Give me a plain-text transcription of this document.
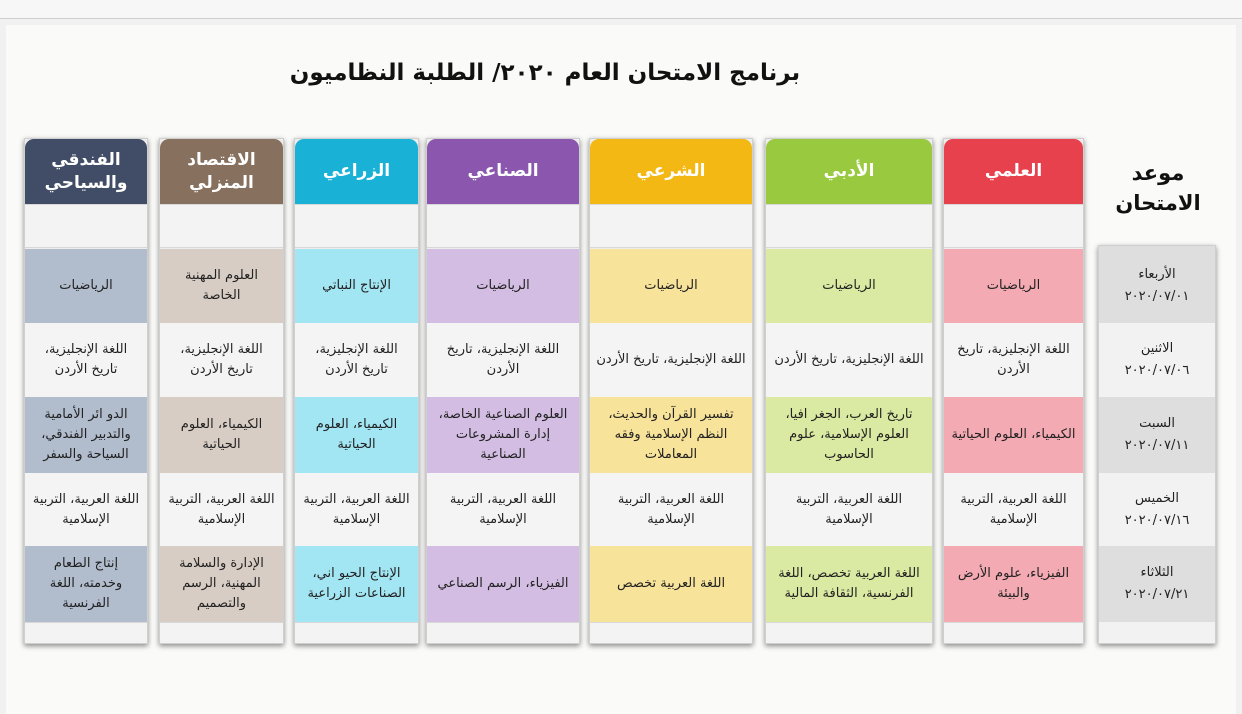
برنامج الامتحان العام ٢٠٢٠/ الطلبة النظاميون
العلمي
الرياضيات
اللغة الإنجليزية، تاريخ الأردن
الكيمياء، العلوم الحياتية
اللغة العربية، التربية الإسلامية
الفيزياء، علوم الأرض والبيئة
الأدبي
الرياضيات
اللغة الإنجليزية، تاريخ الأردن
تاريخ العرب، الجغر افيا، العلوم الإسلامية، علوم الحاسوب
اللغة العربية، التربية الإسلامية
اللغة العربية تخصص، اللغة الفرنسية، الثقافة المالية
الشرعي
الرياضيات
اللغة الإنجليزية، تاريخ الأردن
تفسير القرآن والحديث، النظم الإسلامية وفقه المعاملات
اللغة العربية، التربية الإسلامية
اللغة العربية تخصص
الصناعي
الرياضيات
اللغة الإنجليزية، تاريخ الأردن
العلوم الصناعية الخاصة، إدارة المشروعات الصناعية
اللغة العربية، التربية الإسلامية
الفيزياء، الرسم الصناعي
الزراعي
الإنتاج النباتي
اللغة الإنجليزية، تاريخ الأردن
الكيمياء، العلوم الحياتية
اللغة العربية، التربية الإسلامية
الإنتاج الحيو اني، الصناعات الزراعية
الاقتصاد المنزلي
العلوم المهنية الخاصة
اللغة الإنجليزية، تاريخ الأردن
الكيمياء، العلوم الحياتية
اللغة العربية، التربية الإسلامية
الإدارة والسلامة المهنية، الرسم والتصميم
الفندقي والسياحي
الرياضيات
اللغة الإنجليزية، تاريخ الأردن
الدو ائر الأمامية والتدبير الفندقي، السياحة والسفر
اللغة العربية، التربية الإسلامية
إنتاج الطعام وخدمته، اللغة الفرنسية
موعد الامتحان
الأربعاء
٢٠٢٠/٠٧/٠١
الاثنين
٢٠٢٠/٠٧/٠٦
السبت
٢٠٢٠/٠٧/١١
الخميس
٢٠٢٠/٠٧/١٦
الثلاثاء
٢٠٢٠/٠٧/٢١
